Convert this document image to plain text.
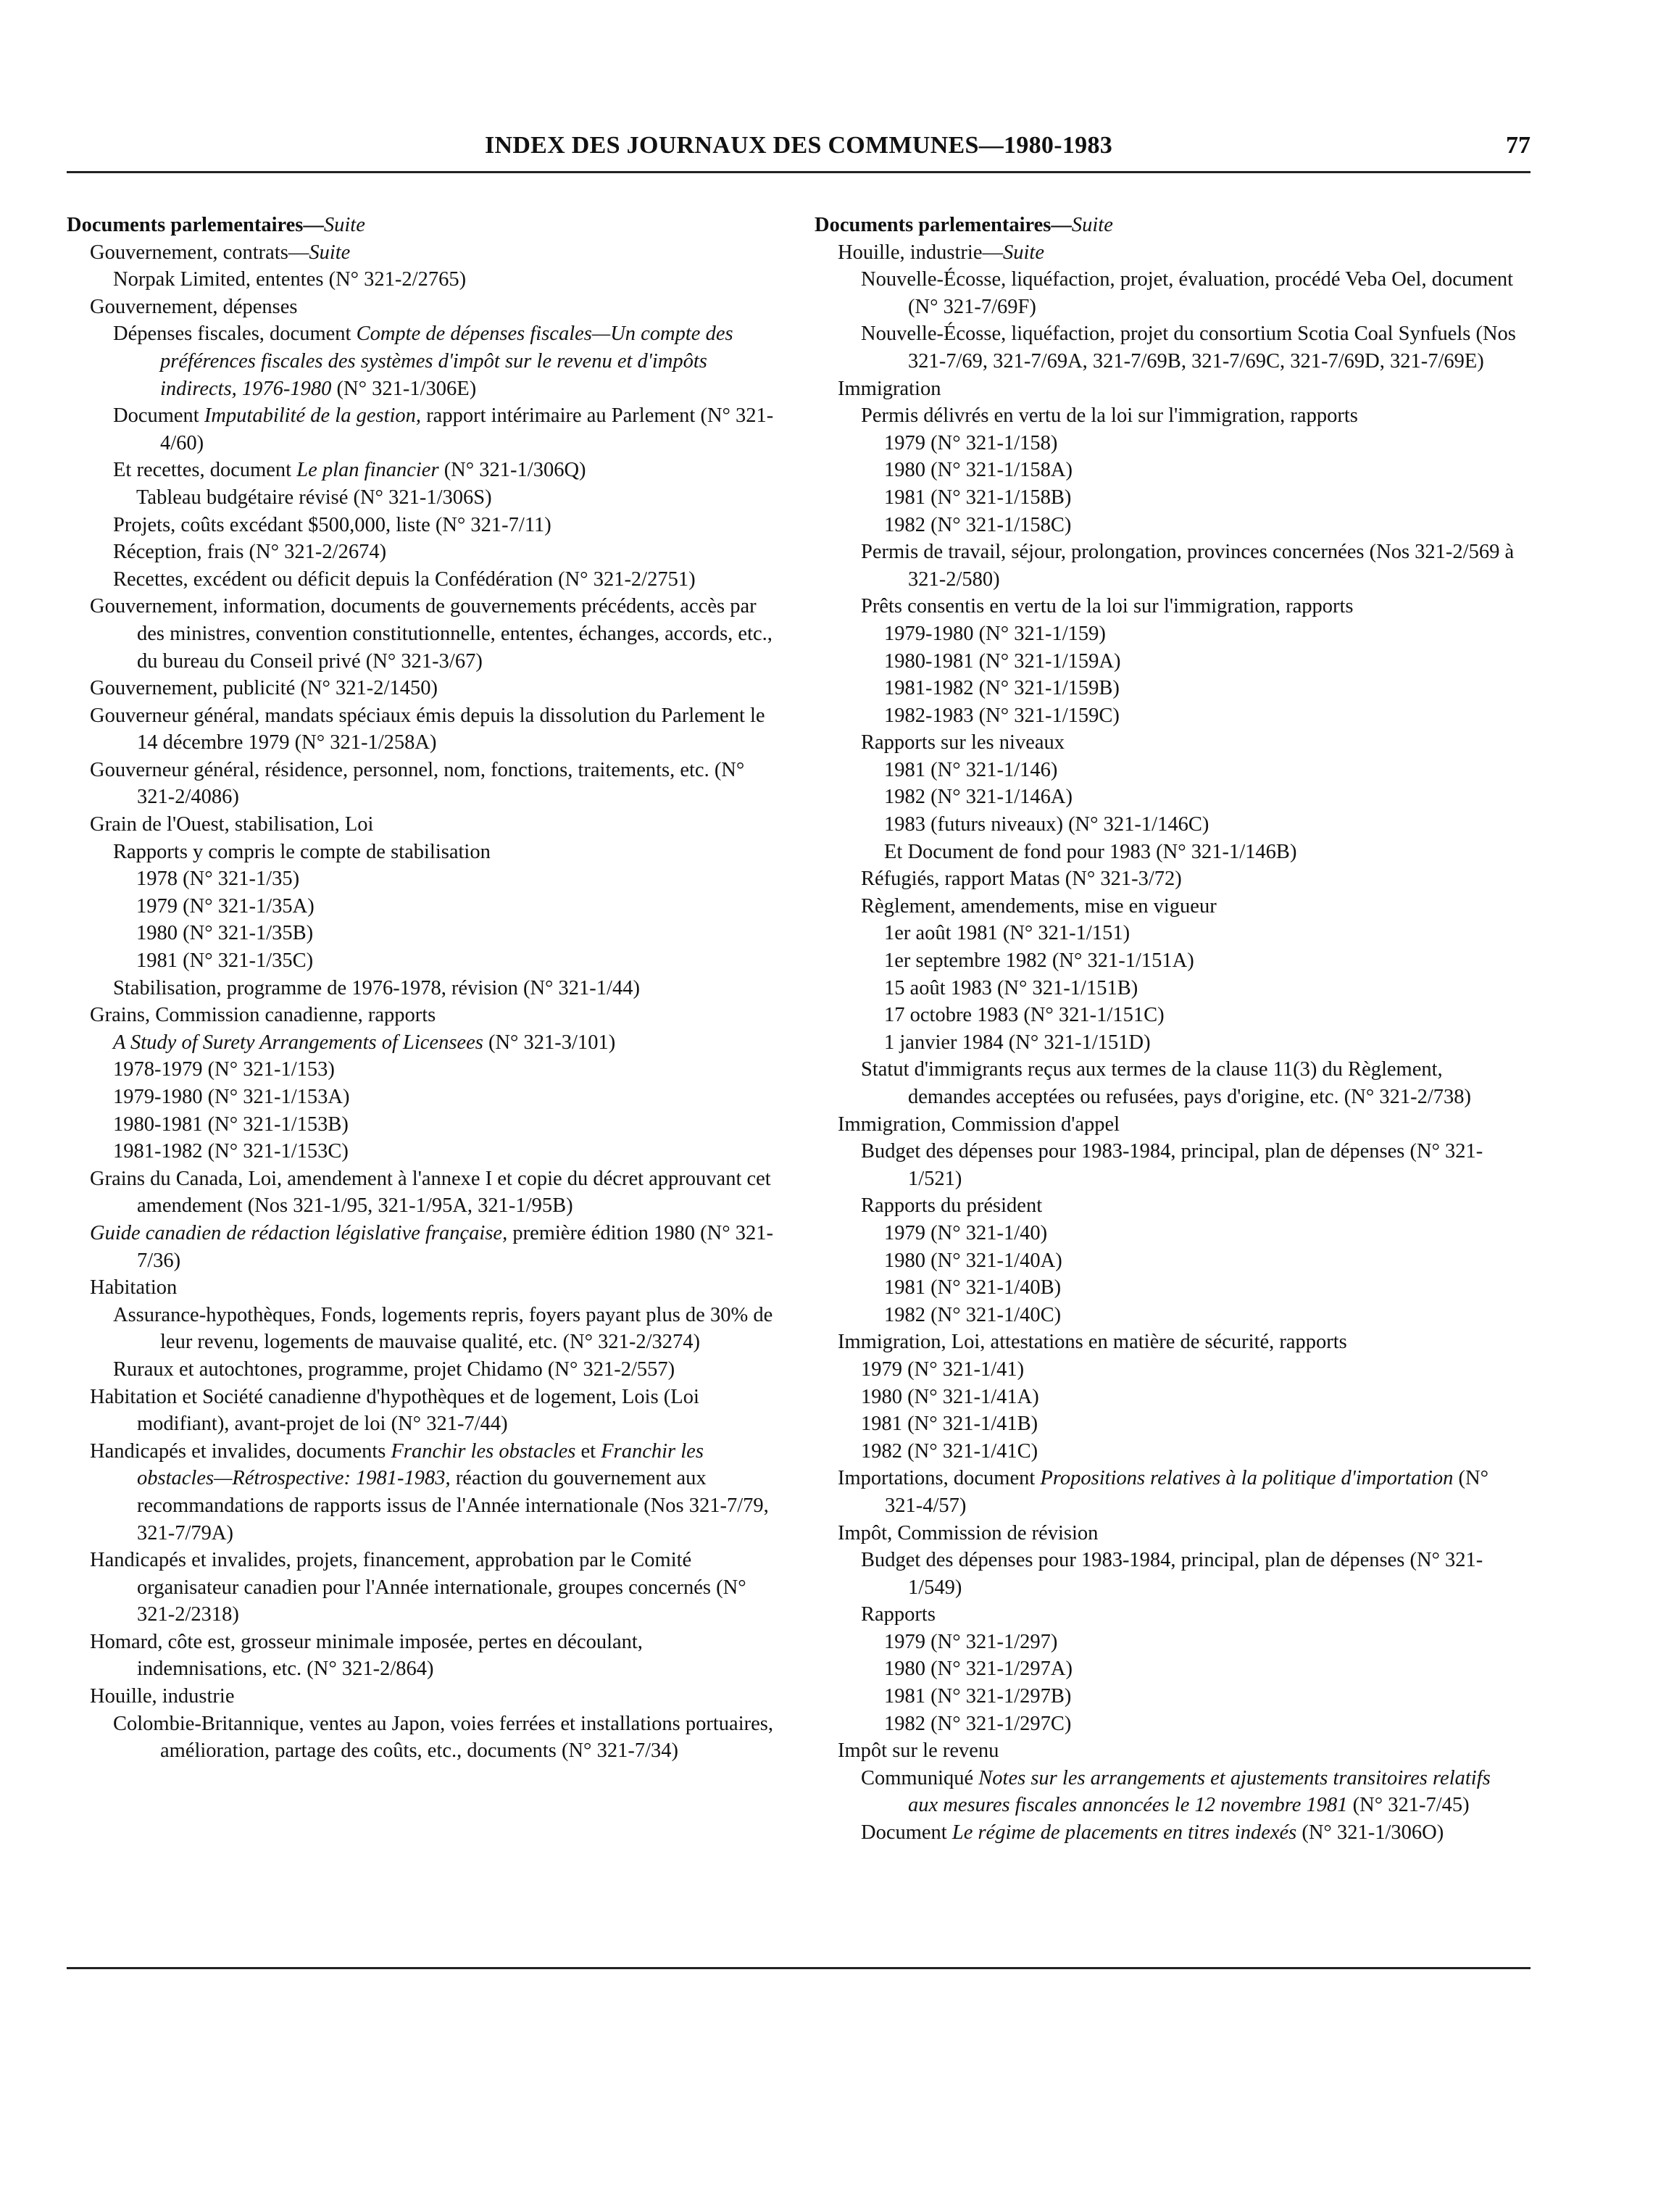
INDEX DES JOURNAUX DES COMMUNES—1980-1983	77
Documents parlementaires—Suite
Gouvernement, contrats—Suite
Norpak Limited, ententes (N° 321-2/2765)
Gouvernement, dépenses
Dépenses fiscales, document Compte de dépenses fiscales—Un compte des préférences fiscales des systèmes d'impôt sur le revenu et d'impôts indirects, 1976-1980 (N° 321-1/306E)
Document Imputabilité de la gestion, rapport intérimaire au Parlement (N° 321-4/60)
Et recettes, document Le plan financier (N° 321-1/306Q)
Tableau budgétaire révisé (N° 321-1/306S)
Projets, coûts excédant $500,000, liste (N° 321-7/11)
Réception, frais (N° 321-2/2674)
Recettes, excédent ou déficit depuis la Confédération (N° 321-2/2751)
Gouvernement, information, documents de gouvernements précédents, accès par des ministres, convention constitutionnelle, ententes, échanges, accords, etc., du bureau du Conseil privé (N° 321-3/67)
Gouvernement, publicité (N° 321-2/1450)
Gouverneur général, mandats spéciaux émis depuis la dissolution du Parlement le 14 décembre 1979 (N° 321-1/258A)
Gouverneur général, résidence, personnel, nom, fonctions, traitements, etc. (N° 321-2/4086)
Grain de l'Ouest, stabilisation, Loi
Rapports y compris le compte de stabilisation
1978 (N° 321-1/35)
1979 (N° 321-1/35A)
1980 (N° 321-1/35B)
1981 (N° 321-1/35C)
Stabilisation, programme de 1976-1978, révision (N° 321-1/44)
Grains, Commission canadienne, rapports
A Study of Surety Arrangements of Licensees (N° 321-3/101)
1978-1979 (N° 321-1/153)
1979-1980 (N° 321-1/153A)
1980-1981 (N° 321-1/153B)
1981-1982 (N° 321-1/153C)
Grains du Canada, Loi, amendement à l'annexe I et copie du décret approuvant cet amendement (Nos 321-1/95, 321-1/95A, 321-1/95B)
Guide canadien de rédaction législative française, première édition 1980 (N° 321-7/36)
Habitation
Assurance-hypothèques, Fonds, logements repris, foyers payant plus de 30% de leur revenu, logements de mauvaise qualité, etc. (N° 321-2/3274)
Ruraux et autochtones, programme, projet Chidamo (N° 321-2/557)
Habitation et Société canadienne d'hypothèques et de logement, Lois (Loi modifiant), avant-projet de loi (N° 321-7/44)
Handicapés et invalides, documents Franchir les obstacles et Franchir les obstacles—Rétrospective: 1981-1983, réaction du gouvernement aux recommandations de rapports issus de l'Année internationale (Nos 321-7/79, 321-7/79A)
Handicapés et invalides, projets, financement, approbation par le Comité organisateur canadien pour l'Année internationale, groupes concernés (N° 321-2/2318)
Homard, côte est, grosseur minimale imposée, pertes en découlant, indemnisations, etc. (N° 321-2/864)
Houille, industrie
Colombie-Britannique, ventes au Japon, voies ferrées et installations portuaires, amélioration, partage des coûts, etc., documents (N° 321-7/34)
Documents parlementaires—Suite
Houille, industrie—Suite
Nouvelle-Écosse, liquéfaction, projet, évaluation, procédé Veba Oel, document (N° 321-7/69F)
Nouvelle-Écosse, liquéfaction, projet du consortium Scotia Coal Synfuels (Nos 321-7/69, 321-7/69A, 321-7/69B, 321-7/69C, 321-7/69D, 321-7/69E)
Immigration
Permis délivrés en vertu de la loi sur l'immigration, rapports
1979 (N° 321-1/158)
1980 (N° 321-1/158A)
1981 (N° 321-1/158B)
1982 (N° 321-1/158C)
Permis de travail, séjour, prolongation, provinces concernées (Nos 321-2/569 à 321-2/580)
Prêts consentis en vertu de la loi sur l'immigration, rapports
1979-1980 (N° 321-1/159)
1980-1981 (N° 321-1/159A)
1981-1982 (N° 321-1/159B)
1982-1983 (N° 321-1/159C)
Rapports sur les niveaux
1981 (N° 321-1/146)
1982 (N° 321-1/146A)
1983 (futurs niveaux) (N° 321-1/146C)
Et Document de fond pour 1983 (N° 321-1/146B)
Réfugiés, rapport Matas (N° 321-3/72)
Règlement, amendements, mise en vigueur
1er août 1981 (N° 321-1/151)
1er septembre 1982 (N° 321-1/151A)
15 août 1983 (N° 321-1/151B)
17 octobre 1983 (N° 321-1/151C)
1 janvier 1984 (N° 321-1/151D)
Statut d'immigrants reçus aux termes de la clause 11(3) du Règlement, demandes acceptées ou refusées, pays d'origine, etc. (N° 321-2/738)
Immigration, Commission d'appel
Budget des dépenses pour 1983-1984, principal, plan de dépenses (N° 321-1/521)
Rapports du président
1979 (N° 321-1/40)
1980 (N° 321-1/40A)
1981 (N° 321-1/40B)
1982 (N° 321-1/40C)
Immigration, Loi, attestations en matière de sécurité, rapports
1979 (N° 321-1/41)
1980 (N° 321-1/41A)
1981 (N° 321-1/41B)
1982 (N° 321-1/41C)
Importations, document Propositions relatives à la politique d'importation (N° 321-4/57)
Impôt, Commission de révision
Budget des dépenses pour 1983-1984, principal, plan de dépenses (N° 321-1/549)
Rapports
1979 (N° 321-1/297)
1980 (N° 321-1/297A)
1981 (N° 321-1/297B)
1982 (N° 321-1/297C)
Impôt sur le revenu
Communiqué Notes sur les arrangements et ajustements transitoires relatifs aux mesures fiscales annoncées le 12 novembre 1981 (N° 321-7/45)
Document Le régime de placements en titres indexés (N° 321-1/306O)
